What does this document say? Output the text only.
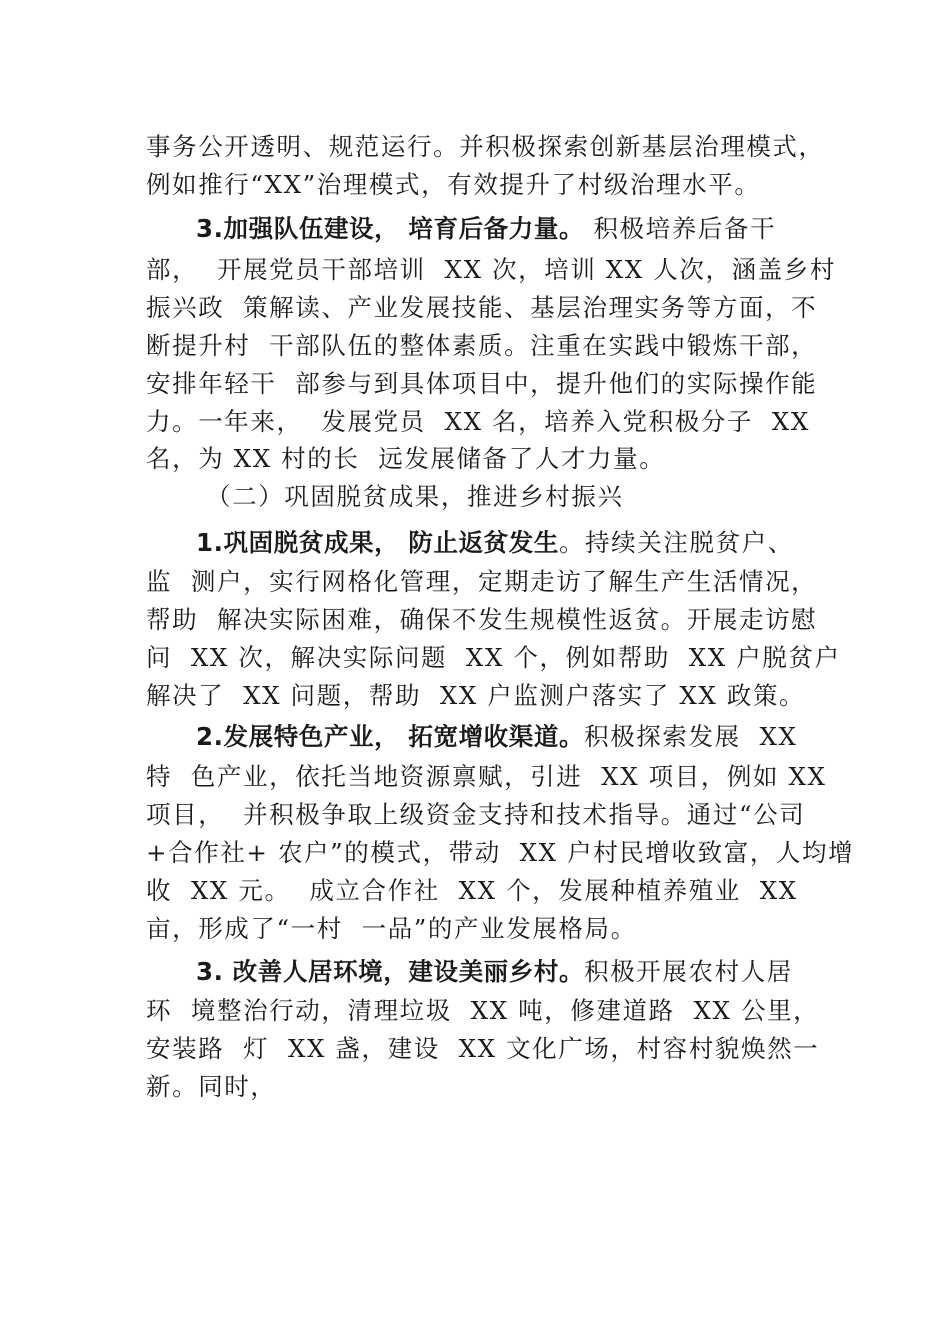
事务公开透明、规范运行。并积极探索创新基层治理模式，
例如推行“XX”治理模式，有效提升了村级治理水平。
3.加强队伍建设， 培育后备力量。 积极培养后备干
部，  开展党员干部培训  XX 次，培训 XX 人次，涵盖乡村
振兴政  策解读、产业发展技能、基层治理实务等方面，不
断提升村  干部队伍的整体素质。注重在实践中锻炼干部，
安排年轻干  部参与到具体项目中，提升他们的实际操作能
力。一年来，  发展党员  XX 名，培养入党积极分子  XX
名，为 XX 村的长  远发展储备了人才力量。
（二）巩固脱贫成果，推进乡村振兴
1.巩固脱贫成果， 防止返贫发生。持续关注脱贫户、
监  测户，实行网格化管理，定期走访了解生产生活情况，
帮助  解决实际困难，确保不发生规模性返贫。开展走访慰
问  XX 次，解决实际问题  XX 个，例如帮助  XX 户脱贫户
解决了  XX 问题，帮助  XX 户监测户落实了 XX 政策。
2.发展特色产业， 拓宽增收渠道。积极探索发展  XX
特  色产业，依托当地资源禀赋，引进  XX 项目，例如 XX
项目，  并积极争取上级资金支持和技术指导。通过“公司
+合作社+ 农户”的模式，带动  XX 户村民增收致富，人均增
收  XX 元。  成立合作社  XX 个，发展种植养殖业  XX
亩，形成了“一村  一品”的产业发展格局。
3. 改善人居环境，建设美丽乡村。积极开展农村人居
环  境整治行动，清理垃圾  XX 吨，修建道路  XX 公里，
安装路  灯  XX 盏，建设  XX 文化广场，村容村貌焕然一
新。同时，
